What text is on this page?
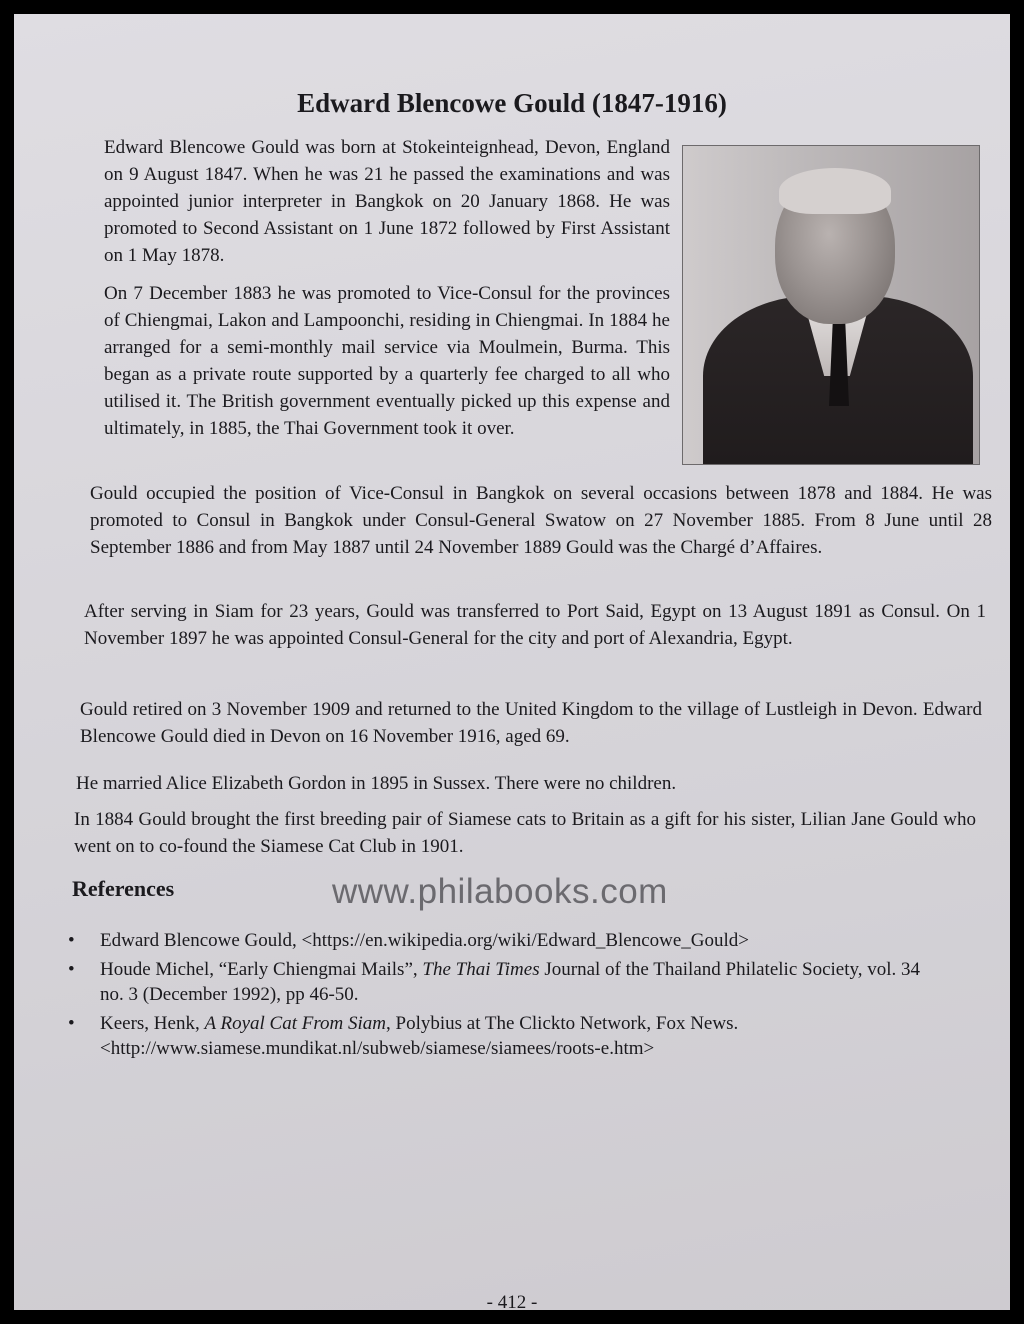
Edward Blencowe Gould (1847-1916)

Edward Blencowe Gould was born at Stokeinteignhead, Devon, England on 9 August 1847. When he was 21 he passed the examinations and was appointed junior interpreter in Bangkok on 20 January 1868. He was promoted to Second Assistant on 1 June 1872 followed by First Assistant on 1 May 1878.

On 7 December 1883 he was promoted to Vice-Consul for the provinces of Chiengmai, Lakon and Lampoonchi, residing in Chiengmai. In 1884 he arranged for a semi-monthly mail service via Moulmein, Burma. This began as a private route supported by a quarterly fee charged to all who utilised it. The British government eventually picked up this expense and ultimately, in 1885, the Thai Government took it over.

Gould occupied the position of Vice-Consul in Bangkok on several occasions between 1878 and 1884. He was promoted to Consul in Bangkok under Consul-General Swatow on 27 November 1885. From 8 June until 28 September 1886 and from May 1887 until 24 November 1889 Gould was the Chargé d’Affaires.

After serving in Siam for 23 years, Gould was transferred to Port Said, Egypt on 13 August 1891 as Consul. On 1 November 1897 he was appointed Consul-General for the city and port of Alexandria, Egypt.

Gould retired on 3 November 1909 and returned to the United Kingdom to the village of Lustleigh in Devon. Edward Blencowe Gould died in Devon on 16 November 1916, aged 69.

He married Alice Elizabeth Gordon in 1895 in Sussex. There were no children.

In 1884 Gould brought the first breeding pair of Siamese cats to Britain as a gift for his sister, Lilian Jane Gould who went on to co-found the Siamese Cat Club in 1901.

References	www.philabooks.com
• Edward Blencowe Gould, <https://en.wikipedia.org/wiki/Edward_Blencowe_Gould>
• Houde Michel, “Early Chiengmai Mails”, The Thai Times Journal of the Thailand Philatelic Society, vol. 34 no. 3 (December 1992), pp 46-50.
• Keers, Henk, A Royal Cat From Siam, Polybius at The Clickto Network, Fox News. <http://www.siamese.mundikat.nl/subweb/siamese/siamees/roots-e.htm>
- 412 -
